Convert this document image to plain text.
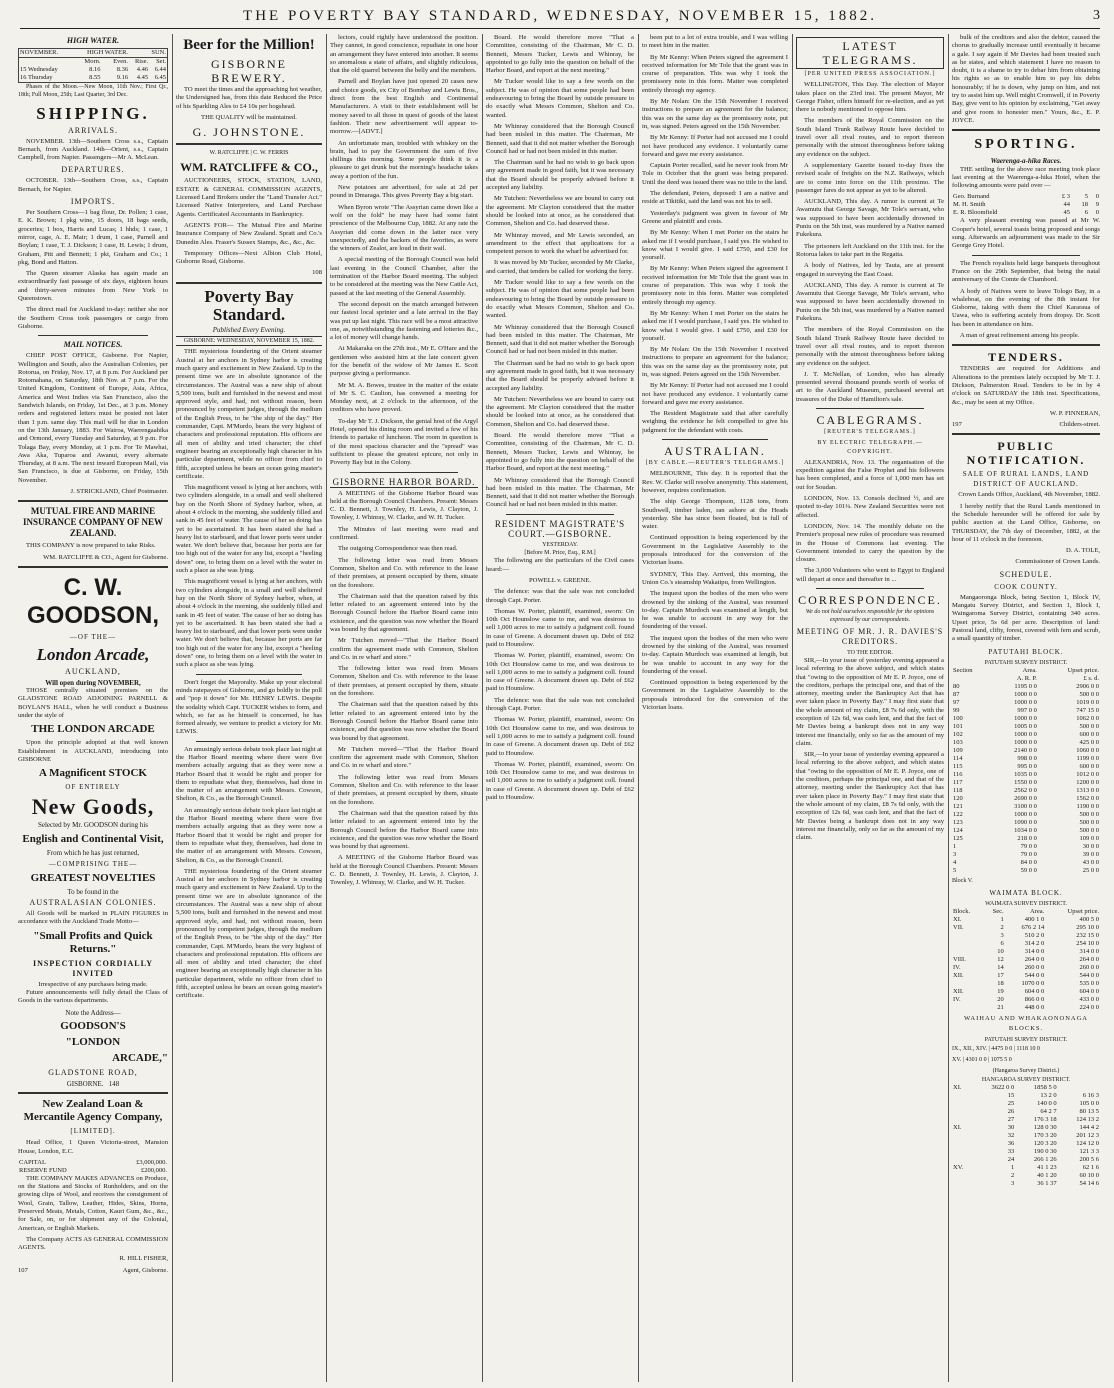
THE POVERTY BAY STANDARD, WEDNESDAY, NOVEMBER 15, 1882.	3
HIGH WATER.
NOVEMBER.	HIGH WATER.		SUN.	
	Morn.	Even.	Rise.	Set.
15 Wednesday	8.16	8.36	4.46	6.44
16 Thursday	8.55	9.16	4.45	6.45

Phases of the Moon.—New Moon, 11th Nov.; First Qr., 18th; Full Moon, 25th; Last Quarter, 3rd Dec.

SHIPPING.
ARRIVALS.

NOVEMBER. 13th—Southern Cross s.s., Captain Bernach, from Auckland. 14th—Orient, s.s., Captain Campbell, from Napier. Passengers—Mr A. McLean.

DEPARTURES.

OCTOBER. 13th—Southern Cross, s.s., Captain Bernach, for Napier.

IMPORTS.

Per Southern Cross—1 bag flour, Dr. Pollen; 1 case, E. K. Brown; 1 pkg wine, 15 doors, 18 bags seeds, groceries; 1 box, Harris and Lucas; 1 hhds; 1 case, 1 mirror, cage, A. E. Mair; 1 drum, 1 case, Parnell and Boylan; 1 case, T. J. Dickson; 1 case, H. Lewis; 1 drum, Graham, Pitt and Bennett; 1 pkt, Graham and Co.; 1 pkg, Bond and Hatton.

The Queen steamer Alaska has again made an extraordinarily fast passage of six days, eighteen hours and thirty-seven minutes from New York to Queenstown.

The direct mail for Auckland to-day: neither she nor the Southern Cross took passengers or cargo from Gisborne.

MAIL NOTICES.

CHIEF POST OFFICE, Gisborne. For Napier, Wellington and South, also the Australian Colonies, per Rotorua, on Friday, Nov. 17, at 8 p.m. For Auckland per Rotomahana, on Saturday, 18th Nov. at 7 p.m. For the United Kingdom, Continent of Europe, Asia, Africa, America and West Indies via San Francisco, also the Sandwich Islands, on Friday, 1st Dec., at 3 p.m. Money orders and registered letters must be posted not later than 1 p.m. same day. This mail will be due in London on the 13th January, 1883. For Wairoa, Waerengaahika and Ormond, every Tuesday and Saturday, at 9 p.m. For Tolaga Bay, every Monday, at 1 p.m. For Te Mawhai, Awa Aka, Tuparoa and Awanui, every alternate Thursday, at 8 a.m. The next inward European Mail, via San Francisco, is due at Gisborne, on Friday, 15th November.

J. STRICKLAND, Chief Postmaster.

MUTUAL FIRE AND MARINE INSURANCE COMPANY OF NEW ZEALAND.

THIS COMPANY is now prepared to take Risks.

WM. RATCLIFFE & CO., Agent for Gisborne.

C. W. GOODSON,
—OF THE—
London Arcade,
AUCKLAND,
Will open during NOVEMBER,

THOSE centrally situated premises on the GLADSTONE ROAD ADJOINING PARNELL & BOYLAN'S HALL, when he will conduct a Business under the style of

THE LONDON ARCADE

Upon the principle adopted at that well known Establishment in AUCKLAND, introducing into GISBORNE

A Magnificent STOCK
OF ENTIRELY
New Goods,
Selected by Mr. GOODSON during his
English and Continental Visit,
From which he has just returned,
—COMPRISING THE—
GREATEST NOVELTIES
To be found in the
AUSTRALASIAN COLONIES.

All Goods will be marked in PLAIN FIGURES in accordance with the Auckland Trade Motto—

"Small Profits and Quick Returns."
INSPECTION CORDIALLY INVITED
Irrespective of any purchases being made.

Future announcements will fully detail the Class of Goods in the various departments.

Note the Address—
GOODSON'S
"LONDON
ARCADE,"
GLADSTONE ROAD,
GISBORNE. 148
New Zealand Loan & Mercantile Agency Company,
[LIMITED].

Head Office, 1 Queen Victoria-street, Mansion House, London, E.C.

CAPITAL	£3,000,000.
RESERVE FUND	£200,000.

THE COMPANY MAKES ADVANCES on Produce, on the Stations and Stocks of Runholders, and on the growing clips of Wool, and receives the consignment of Wool, Grain, Tallow, Leather, Hides, Skins, Horns, Preserved Meats, Metals, Cotton, Kauri Gum, &c., &c., for Sale, on, or for shipment any of the Colonial, American, or English Markets.

The Company ACTS AS GENERAL COMMISSION AGENTS.

R. HILL FISHER,

107	Agent, Gisborne.

Beer for the Million!
GISBORNE BREWERY.

TO meet the times and the approaching hot weather, the Undersigned has, from this date Reduced the Price of his Sparkling Ales to £4 10s per hogshead.

THE QUALITY will be maintained.

G. JOHNSTONE.
W. RATCLIFFE | C. W. FERRIS
WM. RATCLIFFE & CO.,

AUCTIONEERS, STOCK, STATION, LAND, ESTATE & GENERAL COMMISSION AGENTS, Licensed Land Brokers under the "Land Transfer Act." Licensed Native Interpreters, and Land Purchase Agents. Certificated Accountants in Bankruptcy.

AGENTS FOR— The Mutual Fire and Marine Insurance Company of New Zealand. Spratt and Co.'s Dunedin Ales. Fraser's Sussex Stamps, &c., &c., &c.

Temporary Offices—Next Albion Club Hotel, Gisborne Road, Gisborne.

108

Poverty Bay Standard.
Published Every Evening.
GISBORNE: WEDNESDAY, NOVEMBER 15, 1882.

THE mysterious foundering of the Orient steamer Austral at her anchors in Sydney harbor is creating much query and excitement in New Zealand. Up to the present time we are in absolute ignorance of the circumstances. The Austral was a new ship of about 5,500 tons, built and furnished in the newest and most approved style, and had, not without reason, been pronounced by competent judges, through the medium of the English Press, to be "the ship of the day." Her commander, Capt. M'Murdo, bears the very highest of characters and professional reputation. His officers are all men of ability and tried character; the chief engineer bearing an exceptionally high character in his particular department, while no officer from chief to fifth, accepted unless he bears an ocean going master's certificate.

This magnificent vessel is lying at her anchors, with two cylinders alongside, in a small and well sheltered bay on the North Shore of Sydney harbor, when, at about 4 o'clock in the morning, she suddenly filled and sank in 45 feet of water. The cause of her so doing has yet to be ascertained. It has been stated she had a heavy list to starboard, and that lower ports were under water. We don't believe that, because her ports are far too high out of the water for any list, except a "heeling down" one, to bring them on a level with the water in such a place as she was lying.

This magnificent vessel is lying at her anchors, with two cylinders alongside, in a small and well sheltered bay on the North Shore of Sydney harbor, when, at about 4 o'clock in the morning, she suddenly filled and sank in 45 feet of water. The cause of her so doing has yet to be ascertained. It has been stated she had a heavy list to starboard, and that lower ports were under water. We don't believe that, because her ports are far too high out of the water for any list, except a "heeling down" one, to bring them on a level with the water in such a place as she was lying.

Don't forget the Mayoralty. Make up your electoral minds ratepayers of Gisborne, and go boldly to the poll and "pop it down" for Mr. HENRY LEWIS. Despite the sodality which Capt. TUCKER wishes to form, and which, so far as he himself is concerned, he has formed already, we venture to predict a victory for Mr. LEWIS.

An amusingly serious debate took place last night at the Harbor Board meeting where there were five members actually arguing that as they were now a Harbor Board that it would be right and proper for them to repudiate what they, themselves, had done in the matter of an arrangement with Messrs. Cowson, Shelton, & Co., as the Borough Council.

An amusingly serious debate took place last night at the Harbor Board meeting where there were five members actually arguing that as they were now a Harbor Board that it would be right and proper for them to repudiate what they, themselves, had done in the matter of an arrangement with Messrs. Cowson, Shelton, & Co., as the Borough Council.

THE mysterious foundering of the Orient steamer Austral at her anchors in Sydney harbor is creating much query and excitement in New Zealand. Up to the present time we are in absolute ignorance of the circumstances. The Austral was a new ship of about 5,500 tons, built and furnished in the newest and most approved style, and had, not without reason, been pronounced by competent judges, through the medium of the English Press, to be "the ship of the day." Her commander, Capt. M'Murdo, bears the very highest of characters and professional reputation. His officers are all men of ability and tried character; the chief engineer bearing an exceptionally high character in his particular department, while no officer from chief to fifth, accepted unless he bears an ocean going master's certificate.

lectors, could rightly have understood the position. They cannot, in good conscience, repudiate in one hour an arrangement they have entered into another. It seems so anomalous a state of affairs, and slightly ridiculous, that the old quarrel between the belly and the members.

Parnell and Boylan have just opened 20 cases new and choice goods, ex City of Bombay and Lewis Bros., direct from the best English and Continental Manufacturers. A visit to their establishment will be money saved to all those in quest of goods of the latest fashion. Their new advertisement will appear to-morrow.—[ADVT.]

An unfortunate man, troubled with whiskey on the brain, had to pay the Government the sum of five shillings this morning. Some people think it is a pleasure to get drunk but the morning's headache takes away a portion of the fun.

New potatoes are advertised, for sale at 2d per pound in Dmaraga. This gives Poverty Bay a big start.

When Byron wrote "The Assyrian came down like a wolf on the fold" he may have had some faint prescience of the Melbourne Cup, 1882. At any rate the Assyrian did come down in the latter race very unexpectedly, and the backers of the favorites, as were the winners of Zealot, are loud in their wail.

A special meeting of the Borough Council was held last evening in the Council Chamber, after the termination of the Harbor Board meeting. The subject to be considered at the meeting was the New Cattle Act, passed at the last meeting of the General Assembly.

The second deposit on the match arranged between our fastest local sprinter and a late arrival in the Bay was put up last night. This race will be a most attractive one, as, notwithstanding the fastening and lotteries &c., a lot of money will change hands.

At Makaraka on the 27th inst., Mr E. O'Hare and the gentlemen who assisted him at the late concert given for the benefit of the widow of Mr James E. Scott purpose giving a performance.

Mr M. A. Bowes, trustee in the matter of the estate of Mr S. C. Caulton, has convened a meeting for Monday next, at 2 o'clock in the afternoon, of the creditors who have proved.

To-day Mr T. J. Dickson, the genial host of the Argyl Hotel, opened his dining room and invited a few of his friends to partake of luncheon. The room in question is of the most spacious character and the "spread" was sufficient to please the greatest epicure, not only in Poverty Bay but in the Colony.

GISBORNE HARBOR BOARD.

A MEETING of the Gisborne Harbor Board was held at the Borough Council Chambers. Present: Messrs C. D. Bennett, J. Townley, H. Lewis, J. Clayton, J. Townley, J. Whinray, W. Clarke, and W. H. Tucker.

The Minutes of last meeting were read and confirmed.

The outgoing Correspondence was then read.

The following letter was read from Messrs Common, Shelton and Co. with reference to the lease of their premises, at present occupied by them, situate on the foreshore.

The Chairman said that the question raised by this letter related to an agreement entered into by the Borough Council before the Harbor Board came into existence, and the question was now whether the Board was bound by that agreement.

Mr Tutchen moved—"That the Harbor Board confirm the agreement made with Common, Shelton and Co. in re wharf and store."

The following letter was read from Messrs Common, Shelton and Co. with reference to the lease of their premises, at present occupied by them, situate on the foreshore.

The Chairman said that the question raised by this letter related to an agreement entered into by the Borough Council before the Harbor Board came into existence, and the question was now whether the Board was bound by that agreement.

Mr Tutchen moved—"That the Harbor Board confirm the agreement made with Common, Shelton and Co. in re wharf and store."

The following letter was read from Messrs Common, Shelton and Co. with reference to the lease of their premises, at present occupied by them, situate on the foreshore.

The Chairman said that the question raised by this letter related to an agreement entered into by the Borough Council before the Harbor Board came into existence, and the question was now whether the Board was bound by that agreement.

A MEETING of the Gisborne Harbor Board was held at the Borough Council Chambers. Present: Messrs C. D. Bennett, J. Townley, H. Lewis, J. Clayton, J. Townley, J. Whinray, W. Clarke, and W. H. Tucker.

Board. He would therefore move "That a Committee, consisting of the Chairman, Mr C. D. Bennett, Messrs Tucker, Lewis and Whinray, be appointed to go fully into the question on behalf of the Harbor Board, and report at the next meeting."

Mr Tucker would like to say a few words on the subject. He was of opinion that some people had been endeavouring to bring the Board by outside pressure to do exactly what Messrs Common, Shelton and Co. wanted.

Mr Whinray considered that the Borough Council had been misled in this matter. The Chairman, Mr Bennett, said that it did not matter whether the Borough Council had or had not been misled in this matter.

The Chairman said he had no wish to go back upon any agreement made in good faith, but it was necessary that the Board should be properly advised before it accepted any liability.

Mr Tutchen: Nevertheless we are bound to carry out the agreement. Mr Clayton considered that the matter should be looked into at once, as he considered that Common, Shelton and Co. had deserved these.

Mr Whinray moved, and Mr Lewis seconded, an amendment to the effect that applications for a competent person to work the wharf be advertised for.

It was moved by Mr Tucker, seconded by Mr Clarke, and carried, that tenders be called for working the ferry.

Mr Tucker would like to say a few words on the subject. He was of opinion that some people had been endeavouring to bring the Board by outside pressure to do exactly what Messrs Common, Shelton and Co. wanted.

Mr Whinray considered that the Borough Council had been misled in this matter. The Chairman, Mr Bennett, said that it did not matter whether the Borough Council had or had not been misled in this matter.

The Chairman said he had no wish to go back upon any agreement made in good faith, but it was necessary that the Board should be properly advised before it accepted any liability.

Mr Tutchen: Nevertheless we are bound to carry out the agreement. Mr Clayton considered that the matter should be looked into at once, as he considered that Common, Shelton and Co. had deserved these.

Board. He would therefore move "That a Committee, consisting of the Chairman, Mr C. D. Bennett, Messrs Tucker, Lewis and Whinray, be appointed to go fully into the question on behalf of the Harbor Board, and report at the next meeting."

Mr Whinray considered that the Borough Council had been misled in this matter. The Chairman, Mr Bennett, said that it did not matter whether the Borough Council had or had not been misled in this matter.

RESIDENT MAGISTRATE'S COURT.—GISBORNE.
YESTERDAY.
[Before M. Price, Esq., R.M.]

The following are the particulars of the Civil cases heard:—

POWELL v. GREENE.

The defence: was that the sale was not concluded through Capt. Porter.

Thomas W. Porter, plaintiff, examined, sworn: On 10th Oct Hounslow came to me, and was desirous to sell 1,000 acres to me to satisfy a judgment coll. found in case of Greene. A document drawn up. Debt of £62 paid to Hounslow.

Thomas W. Porter, plaintiff, examined, sworn: On 10th Oct Hounslow came to me, and was desirous to sell 1,000 acres to me to satisfy a judgment coll. found in case of Greene. A document drawn up. Debt of £62 paid to Hounslow.

The defence: was that the sale was not concluded through Capt. Porter.

Thomas W. Porter, plaintiff, examined, sworn: On 10th Oct Hounslow came to me, and was desirous to sell 1,000 acres to me to satisfy a judgment coll. found in case of Greene. A document drawn up. Debt of £62 paid to Hounslow.

Thomas W. Porter, plaintiff, examined, sworn: On 10th Oct Hounslow came to me, and was desirous to sell 1,000 acres to me to satisfy a judgment coll. found in case of Greene. A document drawn up. Debt of £62 paid to Hounslow.

been put to a lot of extra trouble, and I was willing to meet him in the matter.

By Mr Kenny: When Peters signed the agreement I received information for Mr Tole that the grant was in course of preparation. This was why I took the promissory note in this form. Matter was completed entirely through my agency.

By Mr Nolan: On the 15th November I received instructions to prepare an agreement for the balance; this was on the same day as the promissory note, put in, was signed. Peters agreed on the 15th November.

By Mr Kenny: If Porter had not accused me I could not have produced any evidence. I voluntarily came forward and gave me every assistance.

Captain Porter recalled, said he never took from Mr Tole in October that the grant was being prepared. Until the deed was issued there was no title to the land.

The defendant, Peters, deposed: I am a native and reside at Tikitiki, said the land was not his to sell.

Yesterday's judgment was given in favour of Mr Greene and plaintiff and costs.

By Mr Kenny: When I met Porter on the stairs he asked me if I would purchase, I said yes. He wished to know what I would give. I said £750, and £30 for yourself.

By Mr Kenny: When Peters signed the agreement I received information for Mr Tole that the grant was in course of preparation. This was why I took the promissory note in this form. Matter was completed entirely through my agency.

By Mr Kenny: When I met Porter on the stairs he asked me if I would purchase, I said yes. He wished to know what I would give. I said £750, and £30 for yourself.

By Mr Nolan: On the 15th November I received instructions to prepare an agreement for the balance; this was on the same day as the promissory note, put in, was signed. Peters agreed on the 15th November.

By Mr Kenny: If Porter had not accused me I could not have produced any evidence. I voluntarily came forward and gave me every assistance.

The Resident Magistrate said that after carefully weighing the evidence he felt compelled to give his judgment for the defendant with costs.

AUSTRALIAN.
[BY CABLE.—REUTER'S TELEGRAMS.]

MELBOURNE, This day. It is reported that the Rev. W. Clarke will resolve anonymity. This statement, however, requires confirmation.

The ship George Thompson, 1128 tons, from Southwell, timber laden, ran ashore at the Heads yesterday. She has since been floated, but is full of water.

Continued opposition is being experienced by the Government in the Legislative Assembly to the proposals introduced for the conversion of the Victorian loans.

SYDNEY, This Day. Arrived, this morning, the Union Co.'s steamship Wakatipu, from Wellington.

The inquest upon the bodies of the men who were drowned by the sinking of the Austral, was resumed to-day. Captain Murdoch was examined at length, but he was unable to account in any way for the foundering of the vessel.

The inquest upon the bodies of the men who were drowned by the sinking of the Austral, was resumed to-day. Captain Murdoch was examined at length, but he was unable to account in any way for the foundering of the vessel.

Continued opposition is being experienced by the Government in the Legislative Assembly to the proposals introduced for the conversion of the Victorian loans.

LATEST TELEGRAMS.
[PER UNITED PRESS ASSOCIATION.]

WELLINGTON, This Day. The election of Mayor takes place on the 23rd inst. The present Mayor, Mr George Fisher, offers himself for re-election, and as yet there is nobody mentioned to oppose him.

The members of the Royal Commission on the South Island Trunk Railway Route have decided to travel over all rival routes, and to report thereon personally with the utmost thoroughness before taking any evidence on the subject.

A supplementary Gazette issued to-day fixes the revised scale of freights on the N.Z. Railways, which are to come into force on the 11th proximo. The passenger fares do not appear as yet to be altered.

AUCKLAND, This day. A rumor is current at Te Awamutu that George Savage, Mr Tole's servant, who was supposed to have been accidentally drowned in Puniu on the 5th inst, was murdered by a Native named Fukekura.

The prisoners left Auckland on the 11th inst. for the Rotorua lakes to take part in the Regatta.

A body of Natives, led by Tauta, are at present engaged in surveying the East Coast.

AUCKLAND, This day. A rumor is current at Te Awamutu that George Savage, Mr Tole's servant, who was supposed to have been accidentally drowned in Puniu on the 5th inst, was murdered by a Native named Fukekura.

The members of the Royal Commission on the South Island Trunk Railway Route have decided to travel over all rival routes, and to report thereon personally with the utmost thoroughness before taking any evidence on the subject.

J. T. McNellan, of London, who has already presented several thousand pounds worth of works of art to the Auckland Museum, purchased several art treasures of the Duke of Hamilton's sale.

CABLEGRAMS.
[REUTER'S TELEGRAMS.]
BY ELECTRIC TELEGRAPH.—COPYRIGHT.

ALEXANDRIA, Nov. 13. The organisation of the expedition against the False Prophet and his followers has been completed, and a force of 1,000 men has set out for Soudan.

LONDON, Nov. 13. Consols declined ½, and are quoted to-day 101¼. New Zealand Securities were not affected.

LONDON, Nov. 14. The monthly debate on the Premier's proposal new rules of procedure was resumed in the House of Commons last evening. The Government intended to carry the question by the closure.

The 3,000 Volunteers who went to Egypt to England will depart at once and thereafter in ...

CORRESPONDENCE.
We do not hold ourselves responsible for the opinions expressed by our correspondents.
MEETING OF MR. J. R. DAVIES'S CREDITORS.
TO THE EDITOR.

SIR,—In your issue of yesterday evening appeared a local referring to the above subject, and which states that "owing to the opposition of Mr E. P. Joyce, one of the creditors, perhaps the principal one, and that of the attorney, meeting under the Bankruptcy Act that has ever taken place in Poverty Bay." I may first state that the whole amount of my claim, £8 7s 6d only, with the exception of 12s 6d, was cash lent, and that the fact of Mr Davies being a bankrupt does not in any way interest me financially, only so far as the amount of my claim.

SIR,—In your issue of yesterday evening appeared a local referring to the above subject, and which states that "owing to the opposition of Mr E. P. Joyce, one of the creditors, perhaps the principal one, and that of the attorney, meeting under the Bankruptcy Act that has ever taken place in Poverty Bay." I may first state that the whole amount of my claim, £8 7s 6d only, with the exception of 12s 6d, was cash lent, and that the fact of Mr Davies being a bankrupt does not in any way interest me financially, only so far as the amount of my claim.

bulk of the creditors and also the debtor, caused the chorus to gradually increase until eventually it became a gale. I say again if Mr Davies had been treated such as he states, and which statement I have no reason to doubt, it is a shame to try to debar him from obtaining his rights so as to enable him to pay his debts honourably; if he is down, why jump on him, and not try to assist him up. Well might Cromwell, if in Poverty Bay, give vent to his opinion by exclaiming, "Get away and give room to honester men." Yours, &c., E. P. JOYCE.

SPORTING.
Waerenga-a-hika Races.

THE settling for the above race meeting took place last evening at the Waerenga-a-hika Hotel, when the following amounts were paid over —

Geo. Burnand	£ 3	5	0
M. H. Smith	44	18	9
E. R. Bloomfield	45	6	0

A very pleasant evening was passed at Mr W. Cooper's hotel, several toasts being proposed and songs sung. Afterwards an adjournment was made to the Sir George Grey Hotel.

The French royalists held large banquets throughout France on the 29th September, that being the natal anniversary of the Comte de Chambord.

A body of Natives were to leave Tologo Bay, in a whaleboat, on the evening of the 8th instant for Gisborne, taking with them the Chief Kararaua of Uawa, who is suffering acutely from dropsy. Dr. Scott has been in attendance on him.

A man of great refinement among his people.

TENDERS.

TENDERS are required for Additions and Alterations to the premises lately occupied by Mr T. J. Dickson, Palmerston Road. Tenders to be in by 4 o'clock on SATURDAY the 18th inst. Specifications, &c., may be seen at my Office.

W. P. FINNERAN,

197	Childers-street.

PUBLIC NOTIFICATION.
SALE OF RURAL LANDS, LAND DISTRICT OF AUCKLAND.

Crown Lands Office, Auckland, 4th November, 1882.

I hereby notify that the Rural Lands mentioned in the Schedule hereunder will be offered for sale by public auction at the Land Office, Gisborne, on THURSDAY, the 7th day of December, 1882, at the hour of 11 o'clock in the forenoon.

D. A. TOLE,

Commissioner of Crown Lands.

SCHEDULE.
COOK COUNTY.

Mangaoronga Block, being Section 1, Block IV, Mangatu Survey District, and Section 1, Block I, Waingaroma Survey District, containing 340 acres. Upset price, 5s 6d per acre. Description of land: Pastoral land, clifty, forest, covered with fern and scrub, a small quantity of timber.

PATUTAHI BLOCK.
PATUTAHI SURVEY DISTRICT.
Section	Area.	Upset price.
	A. R. P.	£ s. d.
80	1195 0 0	2906 0 0
87	1000 0 0	500 0 0
97	1000 0 0	1019 0 0
99	997 0 0	747 15 0
100	1000 0 0	1062 0 0
101	1005 0 0	500 0 0
102	1000 0 0	600 0 0
103	1000 0 0	425 0 0
109	2140 0 0	1060 0 0
114	998 0 0	1199 0 0
115	995 0 0	600 0 0
116	1035 0 0	1012 0 0
117	1550 0 0	1200 0 0
118	2562 0 0	1313 0 0
120	2690 0 0	1562 0 0
121	3100 0 0	1190 0 0
122	1000 0 0	500 0 0
123	1090 0 0	500 0 0
124	1034 0 0	500 0 0
125	218 0 0	109 0 0
1	79 0 0	30 0 0
3	79 0 0	39 0 0
4	84 0 0	43 0 0
5	59 0 0	25 0 0

Block V.

WAIMATA BLOCK.
WAIMATA SURVEY DISTRICT.
Block.	Sec.	Area.	Upset price.
XI.	1	400 1 0	400 5 0
VII.	2	676 2 14	295 10 0
	3	510 2 0	232 15 0
	6	314 2 0	254 10 0
	10	314 0 0	314 0 0
VIII.	12	264 0 0	264 0 0
IV.	14	260 0 0	260 0 0
XII.	17	544 0 0	544 0 0
	18	1070 0 0	535 0 0
XII.	19	604 0 0	604 0 0
IV.	20	866 0 0	433 0 0
	21	448 0 0	224 0 0
WAIHAU AND WHAKAONONAGA BLOCKS.
PATUTAHI SURVEY DISTRICT.

IX., XII., XIV. | 4475 0 0 | 1118 10 0

XV. | 4301 0 0 | 1075 5 0

(Hangaroa Survey District.)
HANGAROA SURVEY DISTRICT.
XI.	3622 0 0	1858 5 0	
	15	13 2 0	6 16 3
	25	140 0 0	105 0 0
	26	64 2 7	80 13 5
	27	176 3 18	124 13 2
XI.	30	128 0 30	144 4 2
	32	170 3 20	201 12 3
	36	120 3 20	124 12 0
	33	190 0 30	121 3 3
	24	266 1 26	200 5 6
XV.	1	41 1 23	62 1 6
	2	40 1 20	60 10 0
	3	36 1 37	54 14 6
